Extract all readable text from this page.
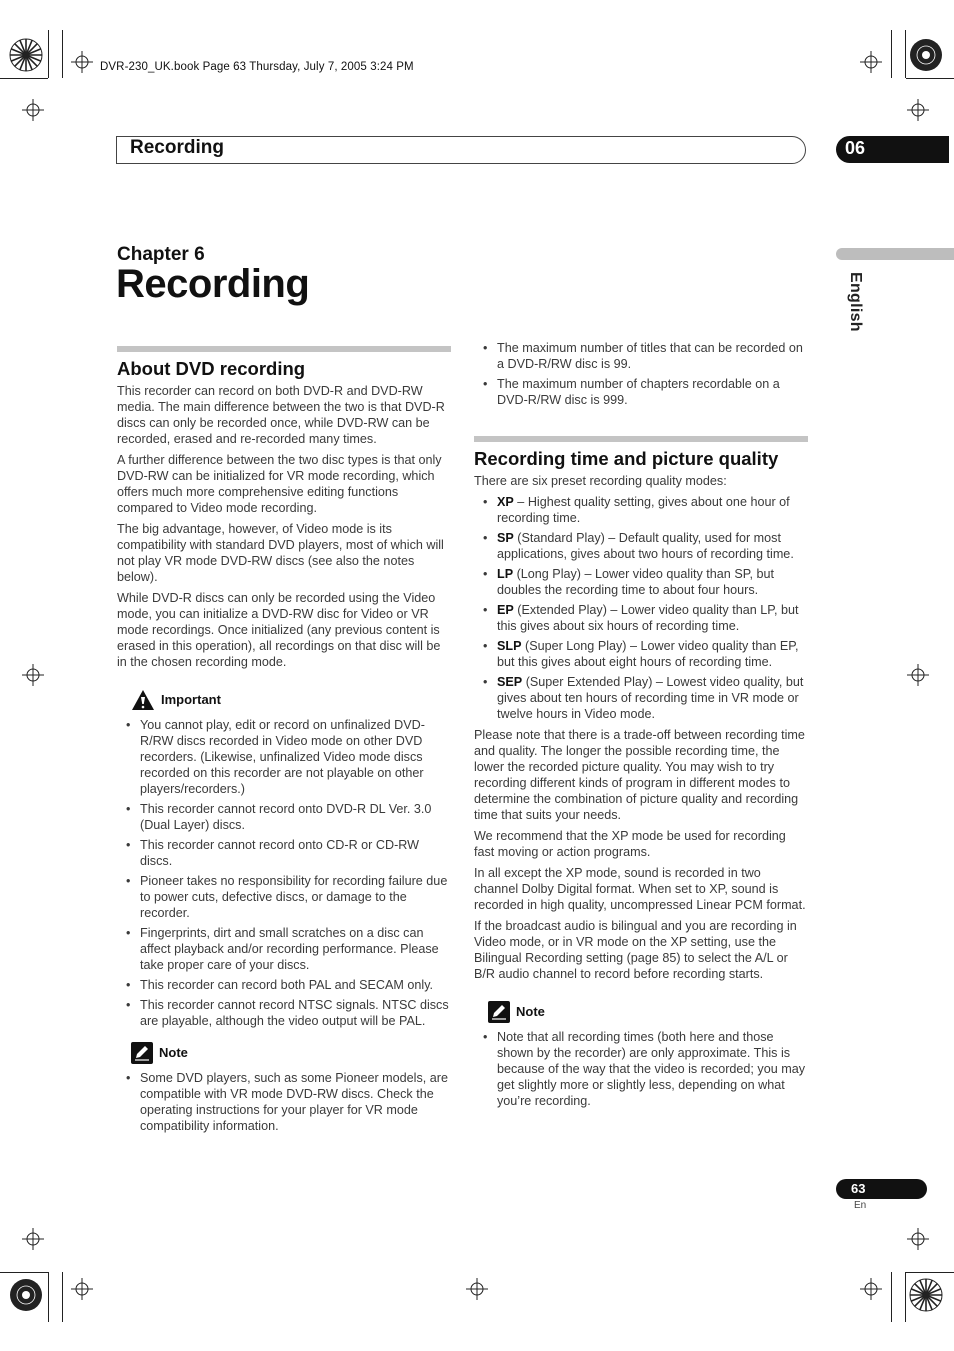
DVR-230_UK.book Page 63 Thursday, July 7, 2005 3:24 PM
Recording	06
English
Chapter 6
Recording
About DVD recording

This recorder can record on both DVD-R and DVD-RW media. The main difference between the two is that DVD-R discs can only be recorded once, while DVD-RW can be recorded, erased and re-recorded many times.

A further difference between the two disc types is that only DVD-RW can be initialized for VR mode recording, which offers much more comprehensive editing functions compared to Video mode recording.

The big advantage, however, of Video mode is its compatibility with standard DVD players, most of which will not play VR mode DVD-RW discs (see also the notes below).

While DVD-R discs can only be recorded using the Video mode, you can initialize a DVD-RW disc for Video or VR mode recordings. Once initialized (any previous content is erased in this operation), all recordings on that disc will be in the chosen recording mode.

Important
• You cannot play, edit or record on unfinalized DVD-R/RW discs recorded in Video mode on other DVD recorders. (Likewise, unfinalized Video mode discs recorded on this recorder are not playable on other players/recorders.)
• This recorder cannot record onto DVD-R DL Ver. 3.0 (Dual Layer) discs.
• This recorder cannot record onto CD-R or CD-RW discs.
• Pioneer takes no responsibility for recording failure due to power cuts, defective discs, or damage to the recorder.
• Fingerprints, dirt and small scratches on a disc can affect playback and/or recording performance. Please take proper care of your discs.
• This recorder can record both PAL and SECAM only.
• This recorder cannot record NTSC signals. NTSC discs are playable, although the video output will be PAL.
Note
• Some DVD players, such as some Pioneer models, are compatible with VR mode DVD-RW discs. Check the operating instructions for your player for VR mode compatibility information.
• The maximum number of titles that can be recorded on a DVD-R/RW disc is 99.
• The maximum number of chapters recordable on a DVD-R/RW disc is 999.
Recording time and picture quality

There are six preset recording quality modes:

• XP – Highest quality setting, gives about one hour of recording time.
• SP (Standard Play) – Default quality, used for most applications, gives about two hours of recording time.
• LP (Long Play) – Lower video quality than SP, but doubles the recording time to about four hours.
• EP (Extended Play) – Lower video quality than LP, but this gives about six hours of recording time.
• SLP (Super Long Play) – Lower video quality than EP, but this gives about eight hours of recording time.
• SEP (Super Extended Play) – Lowest video quality, but gives about ten hours of recording time in VR mode or twelve hours in Video mode.

Please note that there is a trade-off between recording time and quality. The longer the possible recording time, the lower the recorded picture quality. You may wish to try recording different kinds of program in different modes to determine the combination of picture quality and recording time that suits your needs.

We recommend that the XP mode be used for recording fast moving or action programs.

In all except the XP mode, sound is recorded in two channel Dolby Digital format. When set to XP, sound is recorded in high quality, uncompressed Linear PCM format.

If the broadcast audio is bilingual and you are recording in Video mode, or in VR mode on the XP setting, use the Bilingual Recording setting (page 85) to select the A/L or B/R audio channel to record before recording starts.

Note
• Note that all recording times (both here and those shown by the recorder) are only approximate. This is because of the way that the video is recorded; you may get slightly more or slightly less, depending on what you’re recording.
63
En
